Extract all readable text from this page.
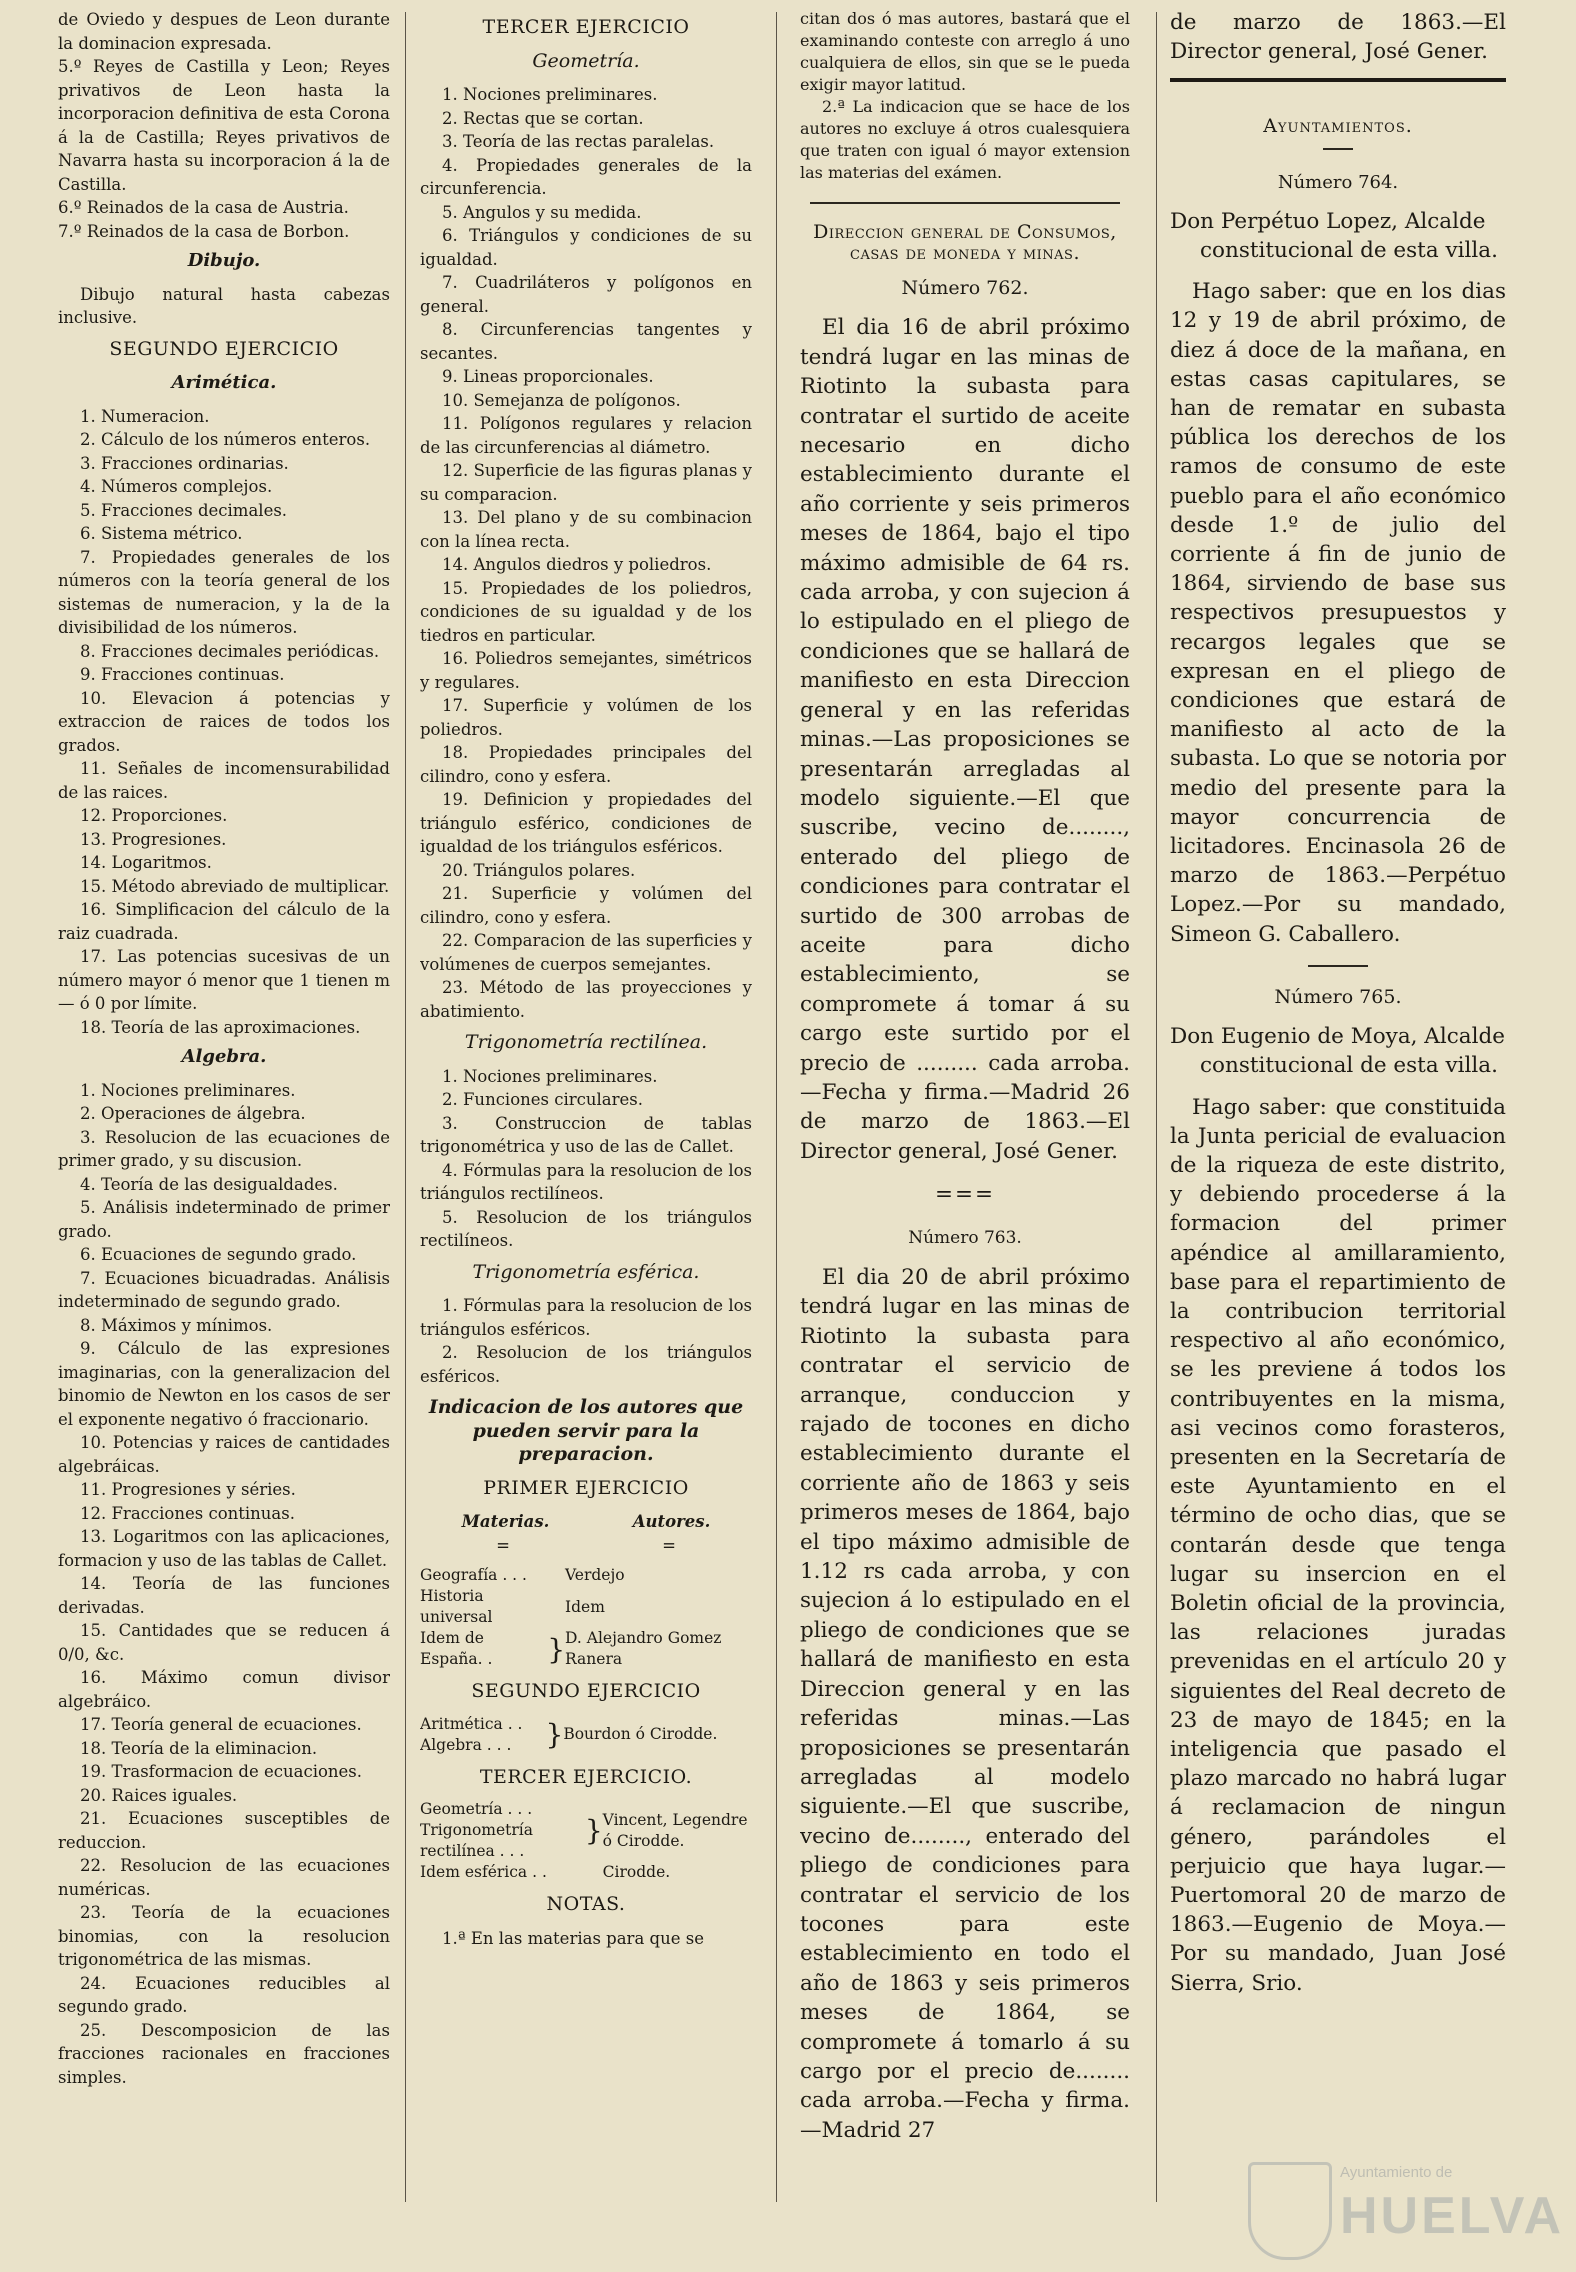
de Oviedo y despues de Leon durante la dominacion expresada.

5.º Reyes de Castilla y Leon; Reyes privativos de Leon hasta la incorporacion definitiva de esta Corona á la de Castilla; Reyes privativos de Navarra hasta su incorporacion á la de Castilla.

6.º Reinados de la casa de Austria.

7.º Reinados de la casa de Borbon.

Dibujo.

Dibujo natural hasta cabezas inclusive.

SEGUNDO EJERCICIO

Arimética.

1. Numeracion.

2. Cálculo de los números enteros.

3. Fracciones ordinarias.

4. Números complejos.

5. Fracciones decimales.

6. Sistema métrico.

7. Propiedades generales de los números con la teoría general de los sistemas de numeracion, y la de la divisibilidad de los números.

8. Fracciones decimales periódicas.

9. Fracciones continuas.

10. Elevacion á potencias y extraccion de raices de todos los grados.

11. Señales de incomensurabilidad de las raices.

12. Proporciones.

13. Progresiones.

14. Logaritmos.

15. Método abreviado de multiplicar.

16. Simplificacion del cálculo de la raiz cuadrada.

17. Las potencias sucesivas de un número mayor ó menor que 1 tienen m — ó 0 por límite.

18. Teoría de las aproximaciones.

Algebra.

1. Nociones preliminares.

2. Operaciones de álgebra.

3. Resolucion de las ecuaciones de primer grado, y su discusion.

4. Teoría de las desigualdades.

5. Análisis indeterminado de primer grado.

6. Ecuaciones de segundo grado.

7. Ecuaciones bicuadradas. Análisis indeterminado de segundo grado.

8. Máximos y mínimos.

9. Cálculo de las expresiones imaginarias, con la generalizacion del binomio de Newton en los casos de ser el exponente negativo ó fraccionario.

10. Potencias y raices de cantidades algebráicas.

11. Progresiones y séries.

12. Fracciones continuas.

13. Logaritmos con las aplicaciones, formacion y uso de las tablas de Callet.

14. Teoría de las funciones derivadas.

15. Cantidades que se reducen á 0/0, &c.

16. Máximo comun divisor algebráico.

17. Teoría general de ecuaciones.

18. Teoría de la eliminacion.

19. Trasformacion de ecuaciones.

20. Raices iguales.

21. Ecuaciones susceptibles de reduccion.

22. Resolucion de las ecuaciones numéricas.

23. Teoría de la ecuaciones binomias, con la resolucion trigonométrica de las mismas.

24. Ecuaciones reducibles al segundo grado.

25. Descomposicion de las fracciones racionales en fracciones simples.

TERCER EJERCICIO

Geometría.

1. Nociones preliminares.

2. Rectas que se cortan.

3. Teoría de las rectas paralelas.

4. Propiedades generales de la circunferencia.

5. Angulos y su medida.

6. Triángulos y condiciones de su igualdad.

7. Cuadriláteros y polígonos en general.

8. Circunferencias tangentes y secantes.

9. Lineas proporcionales.

10. Semejanza de polígonos.

11. Polígonos regulares y relacion de las circunferencias al diámetro.

12. Superficie de las figuras planas y su comparacion.

13. Del plano y de su combinacion con la línea recta.

14. Angulos diedros y poliedros.

15. Propiedades de los poliedros, condiciones de su igualdad y de los tiedros en particular.

16. Poliedros semejantes, simétricos y regulares.

17. Superficie y volúmen de los poliedros.

18. Propiedades principales del cilindro, cono y esfera.

19. Definicion y propiedades del triángulo esférico, condiciones de igualdad de los triángulos esféricos.

20. Triángulos polares.

21. Superficie y volúmen del cilindro, cono y esfera.

22. Comparacion de las superficies y volúmenes de cuerpos semejantes.

23. Método de las proyecciones y abatimiento.

Trigonometría rectilínea.

1. Nociones preliminares.

2. Funciones circulares.

3. Construccion de tablas trigonométrica y uso de las de Callet.

4. Fórmulas para la resolucion de los triángulos rectilíneos.

5. Resolucion de los triángulos rectilíneos.

Trigonometría esférica.

1. Fórmulas para la resolucion de los triángulos esféricos.

2. Resolucion de los triángulos esféricos.

Indicacion de los autores que pueden servir para la preparacion.

PRIMER EJERCICIO

Materias.	Autores.
=	=
Geografía . . .		Verdejo
Historia universal		Idem
Idem de España. .	}	D. Alejandro Gomez Ranera

SEGUNDO EJERCICIO

Aritmética . .	}	Bourdon ó Cirodde.
Algebra . . .

TERCER EJERCICIO.

Geometría . . .	}	Vincent, Legendre ó Cirodde.
Trigonometría rectilínea . . .		
Idem esférica . .		Cirodde.

NOTAS.

1.ª En las materias para que se

citan dos ó mas autores, bastará que el examinando conteste con arreglo á uno cualquiera de ellos, sin que se le pueda exigir mayor latitud.

2.ª La indicacion que se hace de los autores no excluye á otros cualesquiera que traten con igual ó mayor extension las materias del exámen.

Direccion general de Consumos, casas de moneda y minas.

Número 762.

El dia 16 de abril próximo tendrá lugar en las minas de Riotinto la subasta para contratar el surtido de aceite necesario en dicho establecimiento durante el año corriente y seis primeros meses de 1864, bajo el tipo máximo admisible de 64 rs. cada arroba, y con sujecion á lo estipulado en el pliego de condiciones que se hallará de manifiesto en esta Direccion general y en las referidas minas.—Las proposiciones se presentarán arregladas al modelo siguiente.—El que suscribe, vecino de........, enterado del pliego de condiciones para contratar el surtido de 300 arrobas de aceite para dicho establecimiento, se compromete á tomar á su cargo este surtido por el precio de ......... cada arroba.—Fecha y firma.—Madrid 26 de marzo de 1863.—El Director general, José Gener.

===

Número 763.

El dia 20 de abril próximo tendrá lugar en las minas de Riotinto la subasta para contratar el servicio de arranque, conduccion y rajado de tocones en dicho establecimiento durante el corriente año de 1863 y seis primeros meses de 1864, bajo el tipo máximo admisible de 1.12 rs cada arroba, y con sujecion á lo estipulado en el pliego de condiciones que se hallará de manifiesto en esta Direccion general y en las referidas minas.—Las proposiciones se presentarán arregladas al modelo siguiente.—El que suscribe, vecino de........, enterado del pliego de condiciones para contratar el servicio de los tocones para este establecimiento en todo el año de 1863 y seis primeros meses de 1864, se compromete á tomarlo á su cargo por el precio de........ cada arroba.—Fecha y firma.—Madrid 27

de marzo de 1863.—El Director general, José Gener.

Ayuntamientos.

Número 764.

Don Perpétuo Lopez, Alcalde constitucional de esta villa.

Hago saber: que en los dias 12 y 19 de abril próximo, de diez á doce de la mañana, en estas casas capitulares, se han de rematar en subasta pública los derechos de los ramos de consumo de este pueblo para el año económico desde 1.º de julio del corriente á fin de junio de 1864, sirviendo de base sus respectivos presupuestos y recargos legales que se expresan en el pliego de condiciones que estará de manifiesto al acto de la subasta. Lo que se notoria por medio del presente para la mayor concurrencia de licitadores. Encinasola 26 de marzo de 1863.—Perpétuo Lopez.—Por su mandado, Simeon G. Caballero.

Número 765.

Don Eugenio de Moya, Alcalde constitucional de esta villa.

Hago saber: que constituida la Junta pericial de evaluacion de la riqueza de este distrito, y debiendo procederse á la formacion del primer apéndice al amillaramiento, base para el repartimiento de la contribucion territorial respectivo al año económico, se les previene á todos los contribuyentes en la misma, asi vecinos como forasteros, presenten en la Secretaría de este Ayuntamiento en el término de ocho dias, que se contarán desde que tenga lugar su insercion en el Boletin oficial de la provincia, las relaciones juradas prevenidas en el artículo 20 y siguientes del Real decreto de 23 de mayo de 1845; en la inteligencia que pasado el plazo marcado no habrá lugar á reclamacion de ningun género, parándoles el perjuicio que haya lugar.—Puertomoral 20 de marzo de 1863.—Eugenio de Moya.—Por su mandado, Juan José Sierra, Srio.

Ayuntamiento de
HUELVA
